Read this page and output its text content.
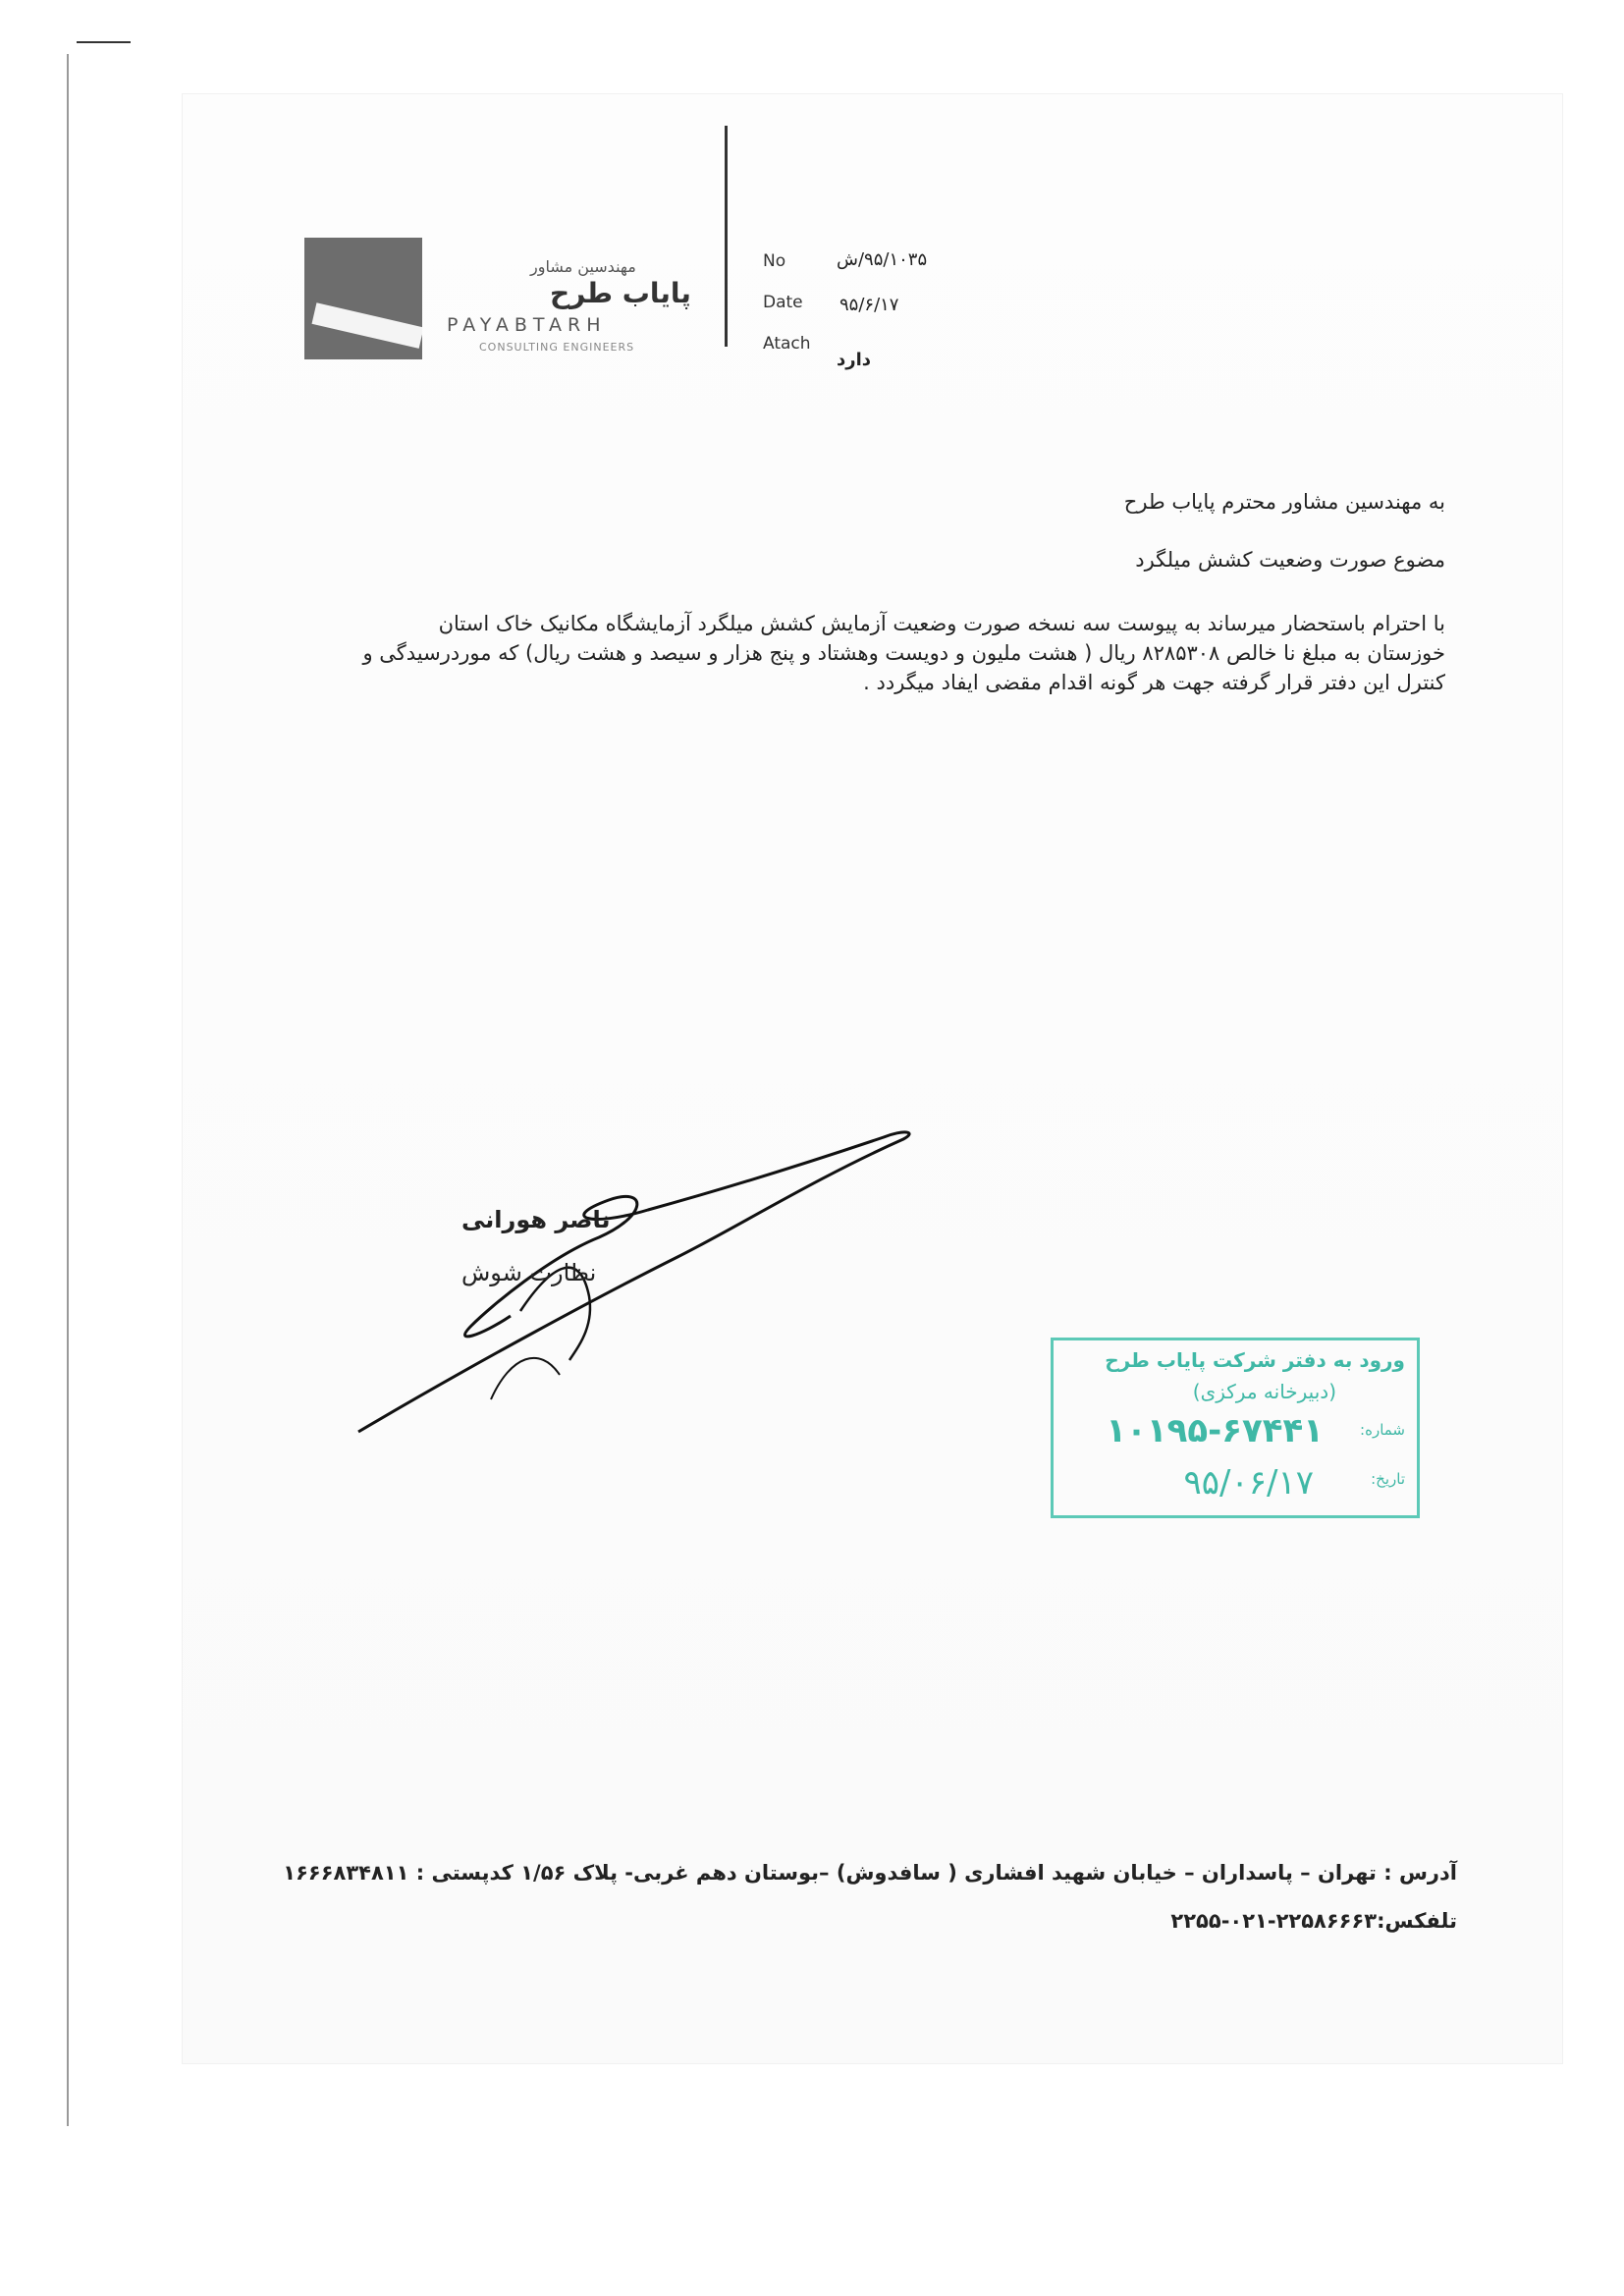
مهندسین مشاور
پایاب طرح
PAYABTARH
CONSULTING ENGINEERS
No	۹۵/۱۰۳۵/ش
Date ۹۵/۶/۱۷
Atach
دارد
به مهندسین مشاور محترم پایاب طرح
مضوع صورت وضعیت کشش میلگرد
با احترام باستحضار میرساند به پیوست سه نسخه صورت وضعیت آزمایش کشش میلگرد آزمایشگاه مکانیک خاک استان
خوزستان به مبلغ نا خالص ۸۲۸۵۳۰۸ ریال ( هشت ملیون و دویست وهشتاد و پنج هزار و سیصد و هشت ریال) که موردرسیدگی و
کنترل این دفتر قرار گرفته جهت هر گونه اقدام مقضی ایفاد میگردد .
ناصر هورانی
نظارت شوش
ورود به دفتر شرکت پایاب طرح
(دبیرخانه مرکزی)
شماره:
۱۰۱۹۵-۶۷۴۴۱
تاریخ:
۹۵/۰۶/۱۷
آدرس : تهران – پاسداران – خیابان شهید افشاری ( سافدوش) –بوستان دهم غربی- پلاک ۱/۵۶ کدپستی : ۱۶۶۶۸۳۴۸۱۱
تلفکس:۲۲۵۸۶۶۶۳-۰۲۱-۲۲۵۵
